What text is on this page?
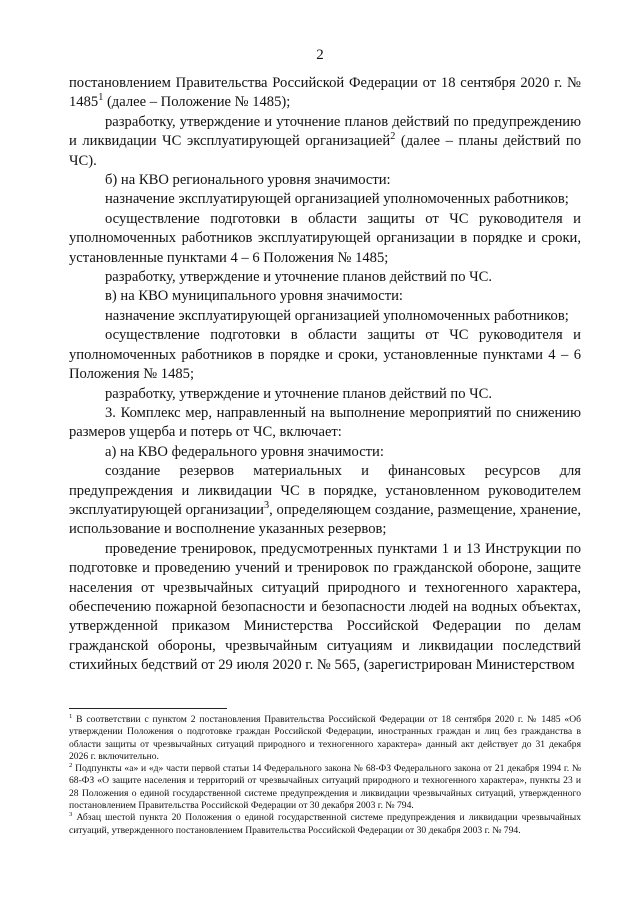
2

постановлением Правительства Российской Федерации от 18 сентября 2020 г. № 1485$^1$ (далее – Положение № 1485);

разработку, утверждение и уточнение планов действий по предупреждению и ликвидации ЧС эксплуатирующей организацией$^2$ (далее – планы действий по ЧС).

б) на КВО регионального уровня значимости:

назначение эксплуатирующей организацией уполномоченных работников;

осуществление подготовки в области защиты от ЧС руководителя и уполномоченных работников эксплуатирующей организации в порядке и сроки, установленные пунктами 4 – 6 Положения № 1485;

разработку, утверждение и уточнение планов действий по ЧС.

в) на КВО муниципального уровня значимости:

назначение эксплуатирующей организацией уполномоченных работников;

осуществление подготовки в области защиты от ЧС руководителя и уполномоченных работников в порядке и сроки, установленные пунктами 4 – 6 Положения № 1485;

разработку, утверждение и уточнение планов действий по ЧС.

3. Комплекс мер, направленный на выполнение мероприятий по снижению размеров ущерба и потерь от ЧС, включает:

а) на КВО федерального уровня значимости:

создание резервов материальных и финансовых ресурсов для предупреждения и ликвидации ЧС в порядке, установленном руководителем эксплуатирующей организации$^3$, определяющем создание, размещение, хранение, использование и восполнение указанных резервов;

проведение тренировок, предусмотренных пунктами 1 и 13 Инструкции по подготовке и проведению учений и тренировок по гражданской обороне, защите населения от чрезвычайных ситуаций природного и техногенного характера, обеспечению пожарной безопасности и безопасности людей на водных объектах, утвержденной приказом Министерства Российской Федерации по делам гражданской обороны, чрезвычайным ситуациям и ликвидации последствий стихийных бедствий от 29 июля 2020 г. № 565, (зарегистрирован Министерством

$^1$ В соответствии с пунктом 2 постановления Правительства Российской Федерации от 18 сентября 2020 г. № 1485 «Об утверждении Положения о подготовке граждан Российской Федерации, иностранных граждан и лиц без гражданства в области защиты от чрезвычайных ситуаций природного и техногенного характера» данный акт действует до 31 декабря 2026 г. включительно.

$^2$ Подпункты «а» и «д» части первой статьи 14 Федерального закона № 68-ФЗ Федерального закона от 21 декабря 1994 г. № 68-ФЗ «О защите населения и территорий от чрезвычайных ситуаций природного и техногенного характера», пункты 23 и 28 Положения о единой государственной системе предупреждения и ликвидации чрезвычайных ситуаций, утвержденного постановлением Правительства Российской Федерации от 30 декабря 2003 г. № 794.

$^3$ Абзац шестой пункта 20 Положения о единой государственной системе предупреждения и ликвидации чрезвычайных ситуаций, утвержденного постановлением Правительства Российской Федерации от 30 декабря 2003 г. № 794.
